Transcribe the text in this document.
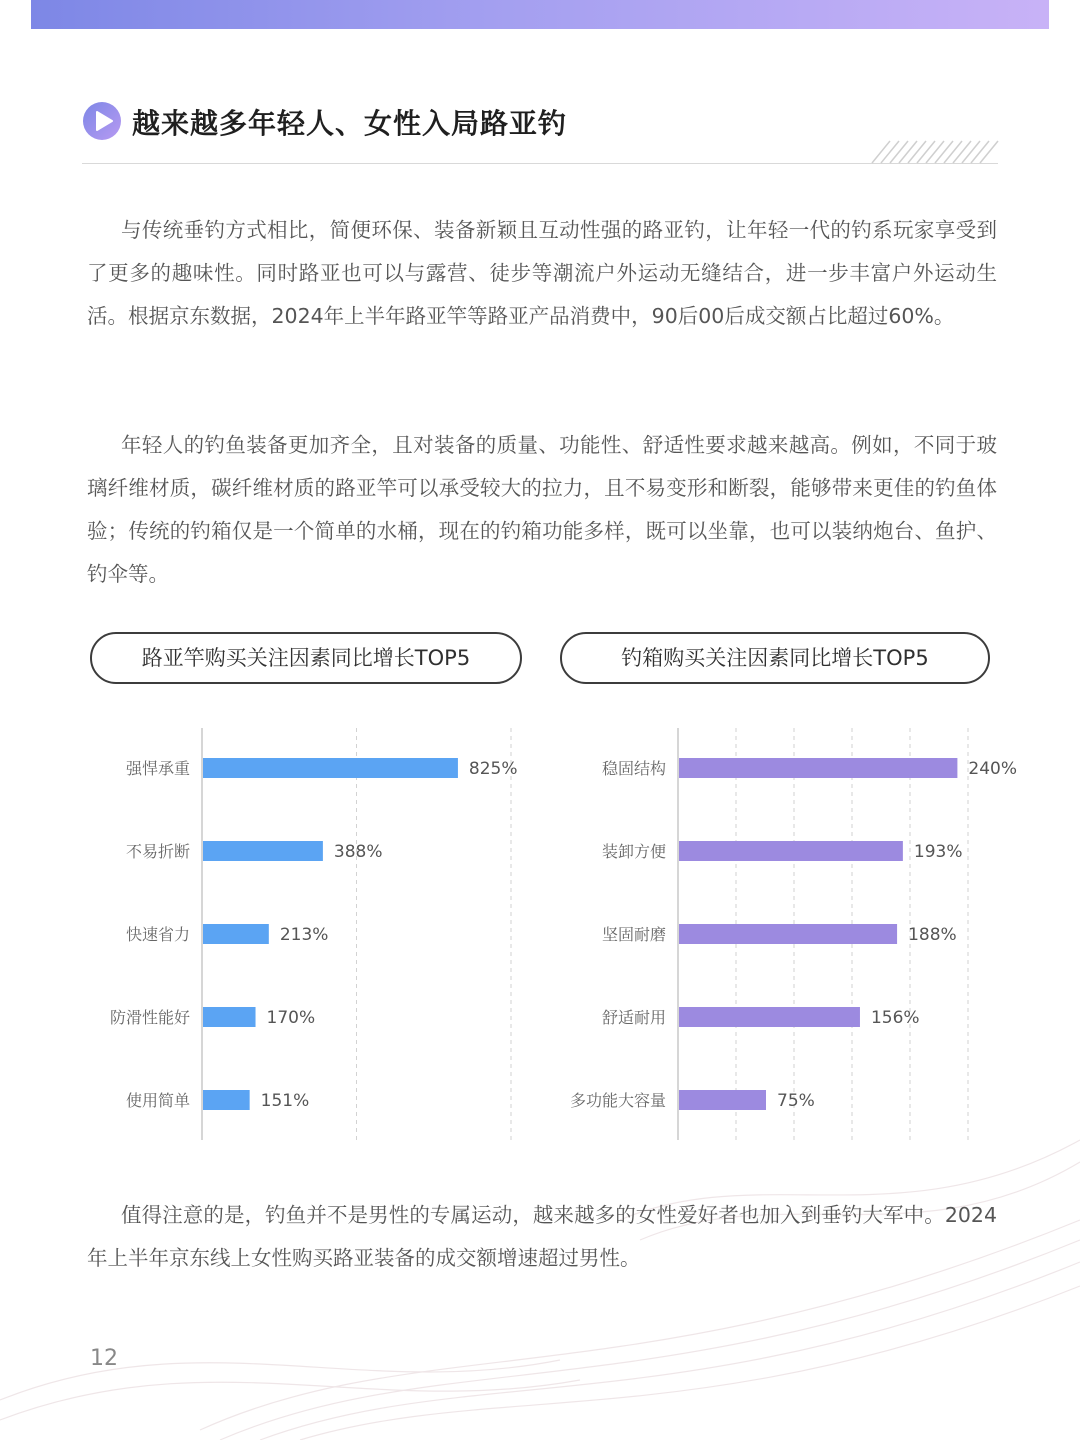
越来越多年轻人、女性入局路亚钓

与传统垂钓方式相比，简便环保、装备新颖且互动性强的路亚钓，让年轻一代的钓系玩家享受到了更多的趣味性。同时路亚也可以与露营、徒步等潮流户外运动无缝结合，进一步丰富户外运动生活。根据京东数据，2024年上半年路亚竿等路亚产品消费中，90后00后成交额占比超过60%。

年轻人的钓鱼装备更加齐全，且对装备的质量、功能性、舒适性要求越来越高。例如，不同于玻璃纤维材质，碳纤维材质的路亚竿可以承受较大的拉力，且不易变形和断裂，能够带来更佳的钓鱼体验；传统的钓箱仅是一个简单的水桶，现在的钓箱功能多样，既可以坐靠，也可以装纳炮台、鱼护、钓伞等。

路亚竿购买关注因素同比增长TOP5	钓箱购买关注因素同比增长TOP5
强悍承重	825%
不易折断	388%
快速省力	213%
防滑性能好	170%
使用简单	151%
稳固结构	240%
装卸方便	193%
坚固耐磨	188%
舒适耐用	156%
多功能大容量	75%

值得注意的是，钓鱼并不是男性的专属运动，越来越多的女性爱好者也加入到垂钓大军中。2024年上半年京东线上女性购买路亚装备的成交额增速超过男性。

12
